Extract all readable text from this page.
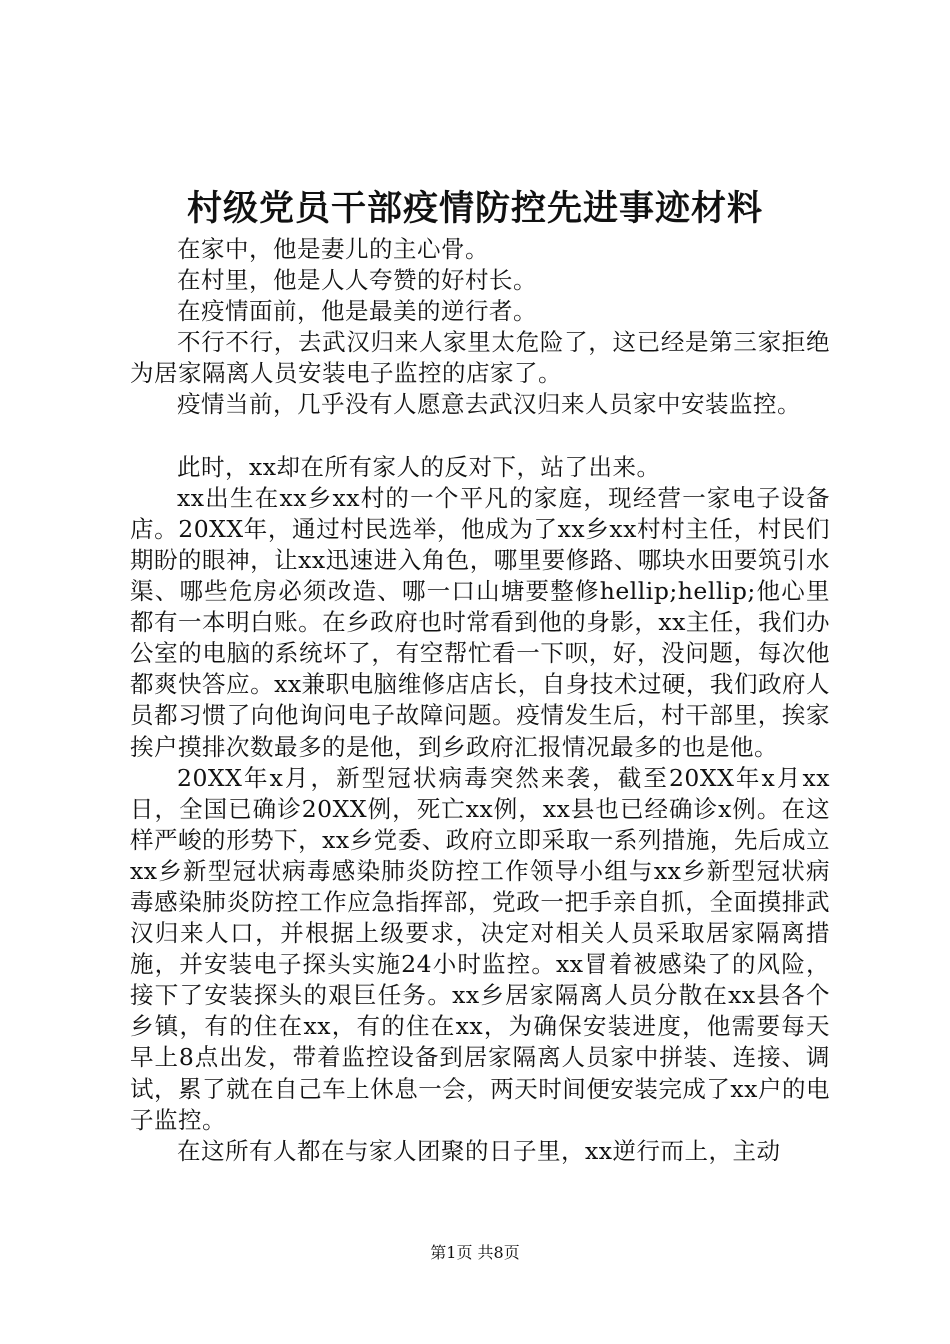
村级党员干部疫情防控先进事迹材料

在家中，他是妻儿的主心骨。

在村里，他是人人夸赞的好村长。

在疫情面前，他是最美的逆行者。

不行不行，去武汉归来人家里太危险了，这已经是第三家拒绝为居家隔离人员安装电子监控的店家了。

疫情当前，几乎没有人愿意去武汉归来人员家中安装监控。

此时，xx却在所有家人的反对下，站了出来。

xx出生在xx乡xx村的一个平凡的家庭，现经营一家电子设备店。20XX年，通过村民选举，他成为了xx乡xx村村主任，村民们期盼的眼神，让xx迅速进入角色，哪里要修路、哪块水田要筑引水渠、哪些危房必须改造、哪一口山塘要整修hellip;hellip;他心里都有一本明白账。在乡政府也时常看到他的身影，xx主任，我们办公室的电脑的系统坏了，有空帮忙看一下呗，好，没问题，每次他都爽快答应。xx兼职电脑维修店店长，自身技术过硬，我们政府人员都习惯了向他询问电子故障问题。疫情发生后，村干部里，挨家挨户摸排次数最多的是他，到乡政府汇报情况最多的也是他。

20XX年x月，新型冠状病毒突然来袭，截至20XX年x月xx日，全国已确诊20XX例，死亡xx例，xx县也已经确诊x例。在这样严峻的形势下，xx乡党委、政府立即采取一系列措施，先后成立xx乡新型冠状病毒感染肺炎防控工作领导小组与xx乡新型冠状病毒感染肺炎防控工作应急指挥部，党政一把手亲自抓，全面摸排武汉归来人口，并根据上级要求，决定对相关人员采取居家隔离措施，并安装电子探头实施24小时监控。xx冒着被感染了的风险，接下了安装探头的艰巨任务。xx乡居家隔离人员分散在xx县各个乡镇，有的住在xx，有的住在xx，为确保安装进度，他需要每天早上8点出发，带着监控设备到居家隔离人员家中拼装、连接、调试，累了就在自己车上休息一会，两天时间便安装完成了xx户的电子监控。

在这所有人都在与家人团聚的日子里，xx逆行而上，主动

第1页 共8页
